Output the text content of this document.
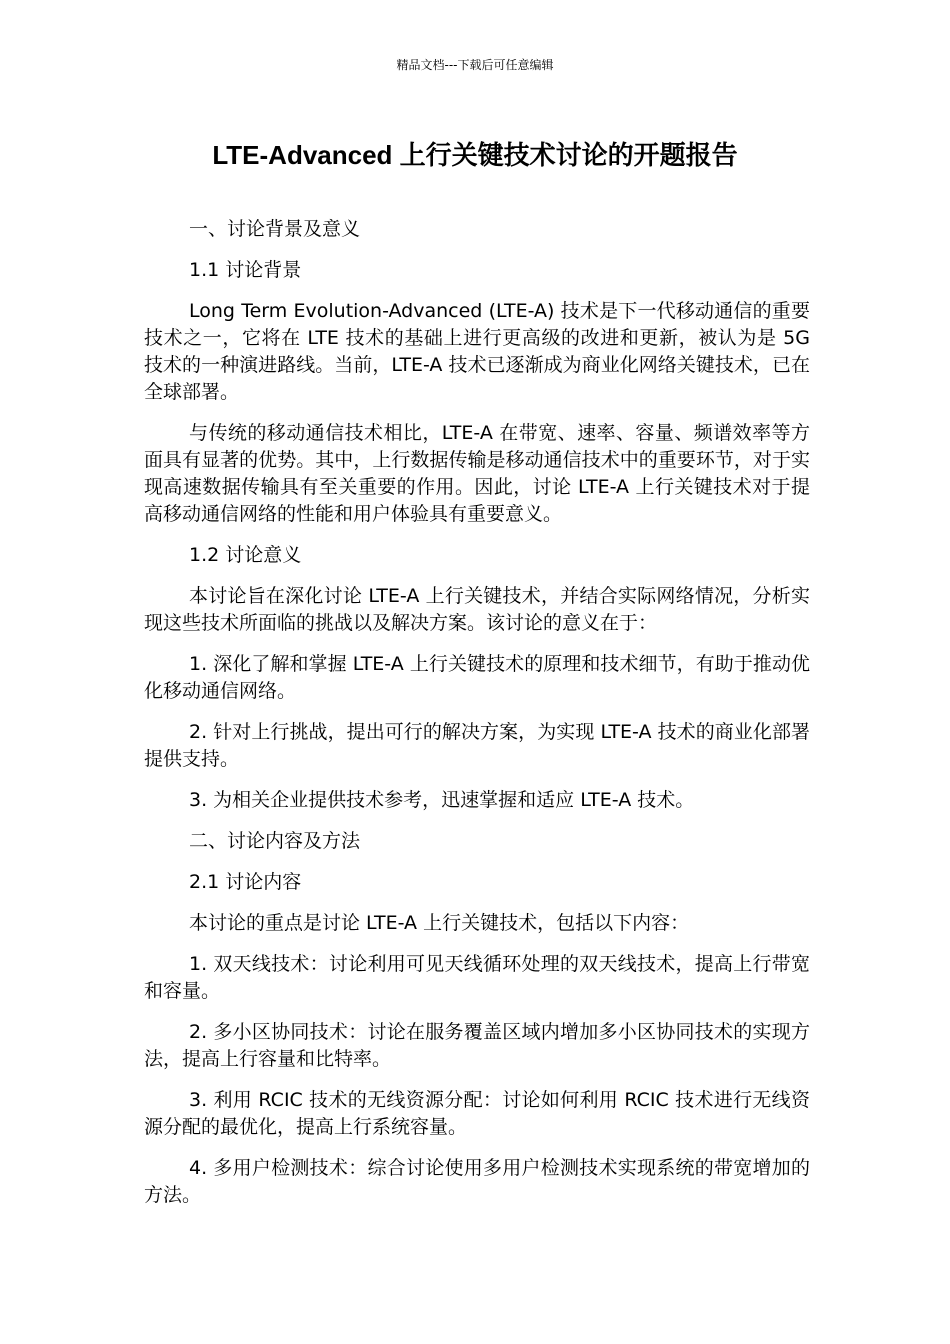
精品文档---下载后可任意编辑
LTE-Advanced 上行关键技术讨论的开题报告

一、讨论背景及意义

1.1 讨论背景

Long Term Evolution-Advanced (LTE-A) 技术是下一代移动通信的重要技术之一，它将在 LTE 技术的基础上进行更高级的改进和更新，被认为是 5G 技术的一种演进路线。当前，LTE-A 技术已逐渐成为商业化网络关键技术，已在全球部署。

与传统的移动通信技术相比，LTE-A 在带宽、速率、容量、频谱效率等方面具有显著的优势。其中，上行数据传输是移动通信技术中的重要环节，对于实现高速数据传输具有至关重要的作用。因此，讨论 LTE-A 上行关键技术对于提高移动通信网络的性能和用户体验具有重要意义。

1.2 讨论意义

本讨论旨在深化讨论 LTE-A 上行关键技术，并结合实际网络情况，分析实现这些技术所面临的挑战以及解决方案。该讨论的意义在于：

1. 深化了解和掌握 LTE-A 上行关键技术的原理和技术细节，有助于推动优化移动通信网络。

2. 针对上行挑战，提出可行的解决方案，为实现 LTE-A 技术的商业化部署提供支持。

3. 为相关企业提供技术参考，迅速掌握和适应 LTE-A 技术。

二、讨论内容及方法

2.1 讨论内容

本讨论的重点是讨论 LTE-A 上行关键技术，包括以下内容：

1. 双天线技术：讨论利用可见天线循环处理的双天线技术，提高上行带宽和容量。

2. 多小区协同技术：讨论在服务覆盖区域内增加多小区协同技术的实现方法，提高上行容量和比特率。

3. 利用 RCIC 技术的无线资源分配：讨论如何利用 RCIC 技术进行无线资源分配的最优化，提高上行系统容量。

4. 多用户检测技术：综合讨论使用多用户检测技术实现系统的带宽增加的方法。
